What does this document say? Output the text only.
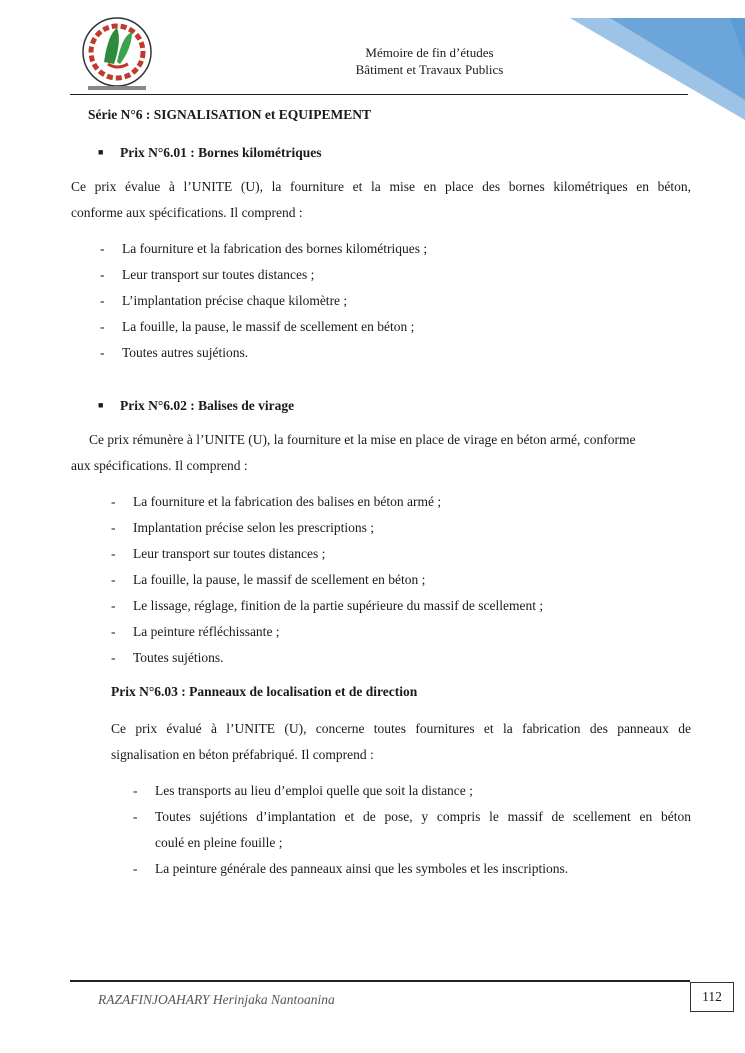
Mémoire de fin d’études
Bâtiment et Travaux Publics
Série N°6 : SIGNALISATION et EQUIPEMENT
■ Prix N°6.01 : Bornes kilométriques
Ce prix évalue à l’UNITE (U), la fourniture et la mise en place des bornes kilométriques en béton,
conforme aux spécifications. Il comprend :
- La fourniture et la fabrication des bornes kilométriques ;
- Leur transport sur toutes distances ;
- L’implantation précise chaque kilomètre ;
- La fouille, la pause, le massif de scellement en béton ;
- Toutes autres sujétions.
■ Prix N°6.02 : Balises de virage
Ce prix rémunère à l’UNITE (U), la fourniture et la mise en place de virage en béton armé, conforme
aux spécifications. Il comprend :
- La fourniture et la fabrication des balises en béton armé ;
- Implantation précise selon les prescriptions ;
- Leur transport sur toutes distances ;
- La fouille, la pause, le massif de scellement en béton ;
- Le lissage, réglage, finition de la partie supérieure du massif de scellement ;
- La peinture réfléchissante ;
- Toutes sujétions.
Prix N°6.03 : Panneaux de localisation et de direction
Ce prix évalué à l’UNITE (U), concerne toutes fournitures et la fabrication des panneaux de
signalisation en béton préfabriqué. Il comprend :
- Les transports au lieu d’emploi quelle que soit la distance ;
-	Toutes sujétions d’implantation et de pose, y compris le massif de scellement en béton
coulé en pleine fouille ;
- La peinture générale des panneaux ainsi que les symboles et les inscriptions.
RAZAFINJOAHARY Herinjaka Nantoanina	112
